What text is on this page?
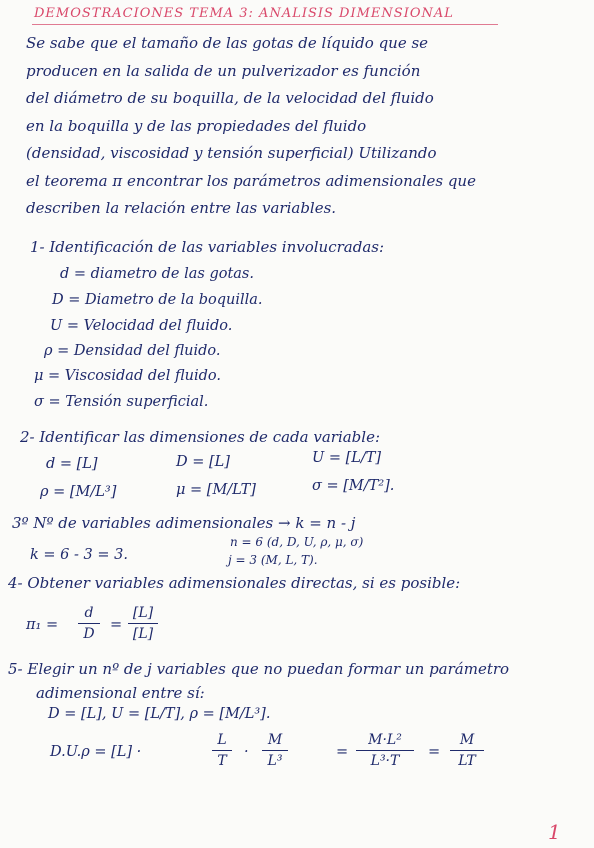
DEMOSTRACIONES TEMA 3: ANALISIS DIMENSIONAL
Se sabe que el tamaño de las gotas de líquido que se
producen en la salida de un pulverizador es función
del diámetro de su boquilla, de la velocidad del fluido
en la boquilla y de las propiedades del fluido
(densidad, viscosidad y tensión superficial) Utilizando
el teorema π encontrar los parámetros adimensionales que
describen la relación entre las variables.
1- Identificación de las variables involucradas:
d = diametro de las gotas.
D = Diametro de la boquilla.
U = Velocidad del fluido.
ρ = Densidad del fluido.
μ = Viscosidad del fluido.
σ = Tensión superficial.
2- Identificar las dimensiones de cada variable:
d = [L]	D = [L]	U = [L/T]
ρ = [M/L³]	μ = [M/LT]	σ = [M/T²].
3º Nº de variables adimensionales → k = n - j
n = 6 (d, D, U, ρ, μ, σ)
k = 6 - 3 = 3.	j = 3 (M, L, T).
4- Obtener variables adimensionales directas, si es posible:
π₁ =
d
D
=
[L]
[L]
5- Elegir un nº de j variables que no puedan formar un parámetro
adimensional entre sí:
D = [L], U = [L/T], ρ = [M/L³].
D.U.ρ = [L] ·
L
T
·
M
L³
=
M·L²
L³·T
=
M
LT
1
